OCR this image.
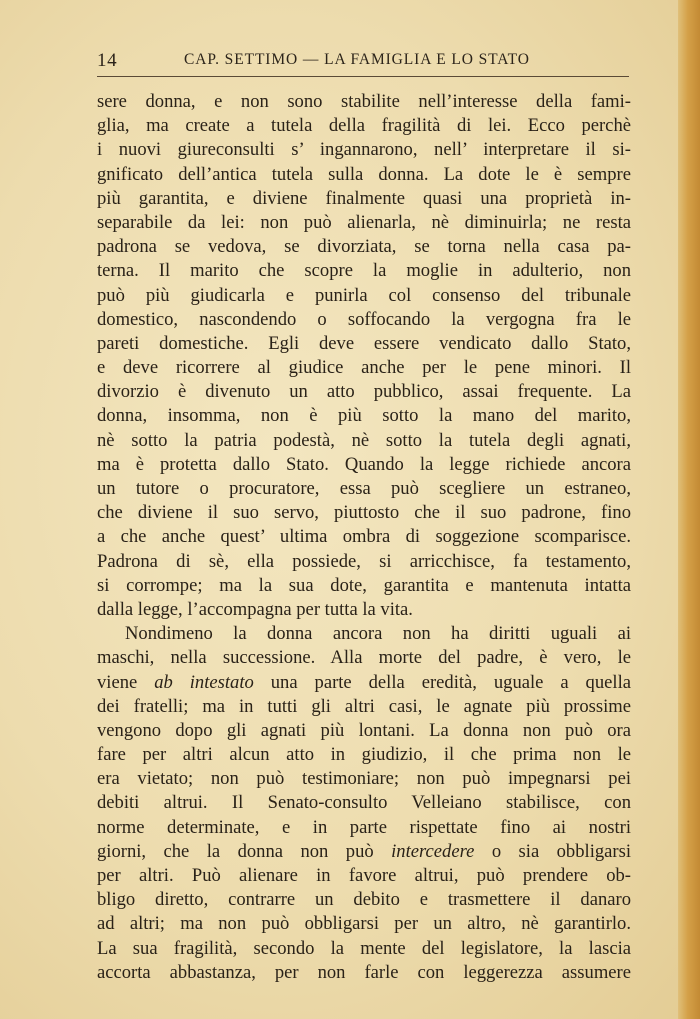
14	CAP. SETTIMO — LA FAMIGLIA E LO STATO
sere donna, e non sono stabilite nell’interesse della fami-
glia, ma create a tutela della fragilità di lei. Ecco perchè
i nuovi giureconsulti s’ ingannarono, nell’ interpretare il si-
gnificato dell’antica tutela sulla donna. La dote le è sempre
più garantita, e diviene finalmente quasi una proprietà in-
separabile da lei: non può alienarla, nè diminuirla; ne resta
padrona se vedova, se divorziata, se torna nella casa pa-
terna. Il marito che scopre la moglie in adulterio, non
può più giudicarla e punirla col consenso del tribunale
domestico, nascondendo o soffocando la vergogna fra le
pareti domestiche. Egli deve essere vendicato dallo Stato,
e deve ricorrere al giudice anche per le pene minori. Il
divorzio è divenuto un atto pubblico, assai frequente. La
donna, insomma, non è più sotto la mano del marito,
nè sotto la patria podestà, nè sotto la tutela degli agnati,
ma è protetta dallo Stato. Quando la legge richiede ancora
un tutore o procuratore, essa può scegliere un estraneo,
che diviene il suo servo, piuttosto che il suo padrone, fino
a che anche quest’ ultima ombra di soggezione scomparisce.
Padrona di sè, ella possiede, si arricchisce, fa testamento,
si corrompe; ma la sua dote, garantita e mantenuta intatta
dalla legge, l’accompagna per tutta la vita.
Nondimeno la donna ancora non ha diritti uguali ai
maschi, nella successione. Alla morte del padre, è vero, le
viene ab intestato una parte della eredità, uguale a quella
dei fratelli; ma in tutti gli altri casi, le agnate più prossime
vengono dopo gli agnati più lontani. La donna non può ora
fare per altri alcun atto in giudizio, il che prima non le
era vietato; non può testimoniare; non può impegnarsi pei
debiti altrui. Il Senato-consulto Velleiano stabilisce, con
norme determinate, e in parte rispettate fino ai nostri
giorni, che la donna non può intercedere o sia obbligarsi
per altri. Può alienare in favore altrui, può prendere ob-
bligo diretto, contrarre un debito e trasmettere il danaro
ad altri; ma non può obbligarsi per un altro, nè garantirlo.
La sua fragilità, secondo la mente del legislatore, la lascia
accorta abbastanza, per non farle con leggerezza assumere
